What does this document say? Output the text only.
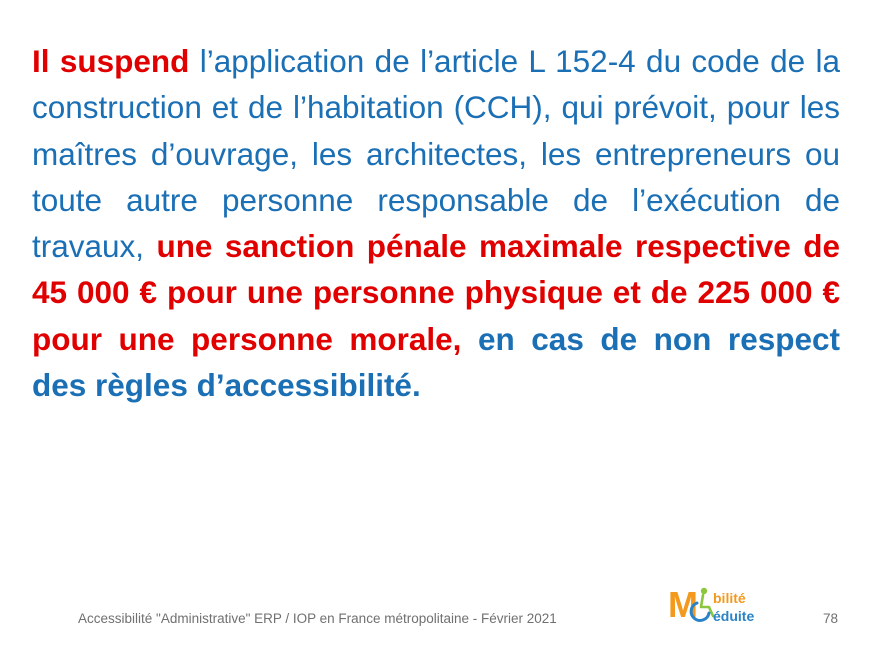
Il suspend l’application de l’article L 152-4 du code de la construction et de l’habitation (CCH), qui prévoit, pour les maîtres d’ouvrage, les architectes, les entrepreneurs ou toute autre personne responsable de l’exécution de travaux, une sanction pénale maximale respective de 45 000 € pour une personne physique et de 225 000 € pour une personne morale, en cas de non respect des règles d’accessibilité.
Accessibilité "Administrative" ERP / IOP en France métropolitaine - Février 2021	78
M bilité
éduite
